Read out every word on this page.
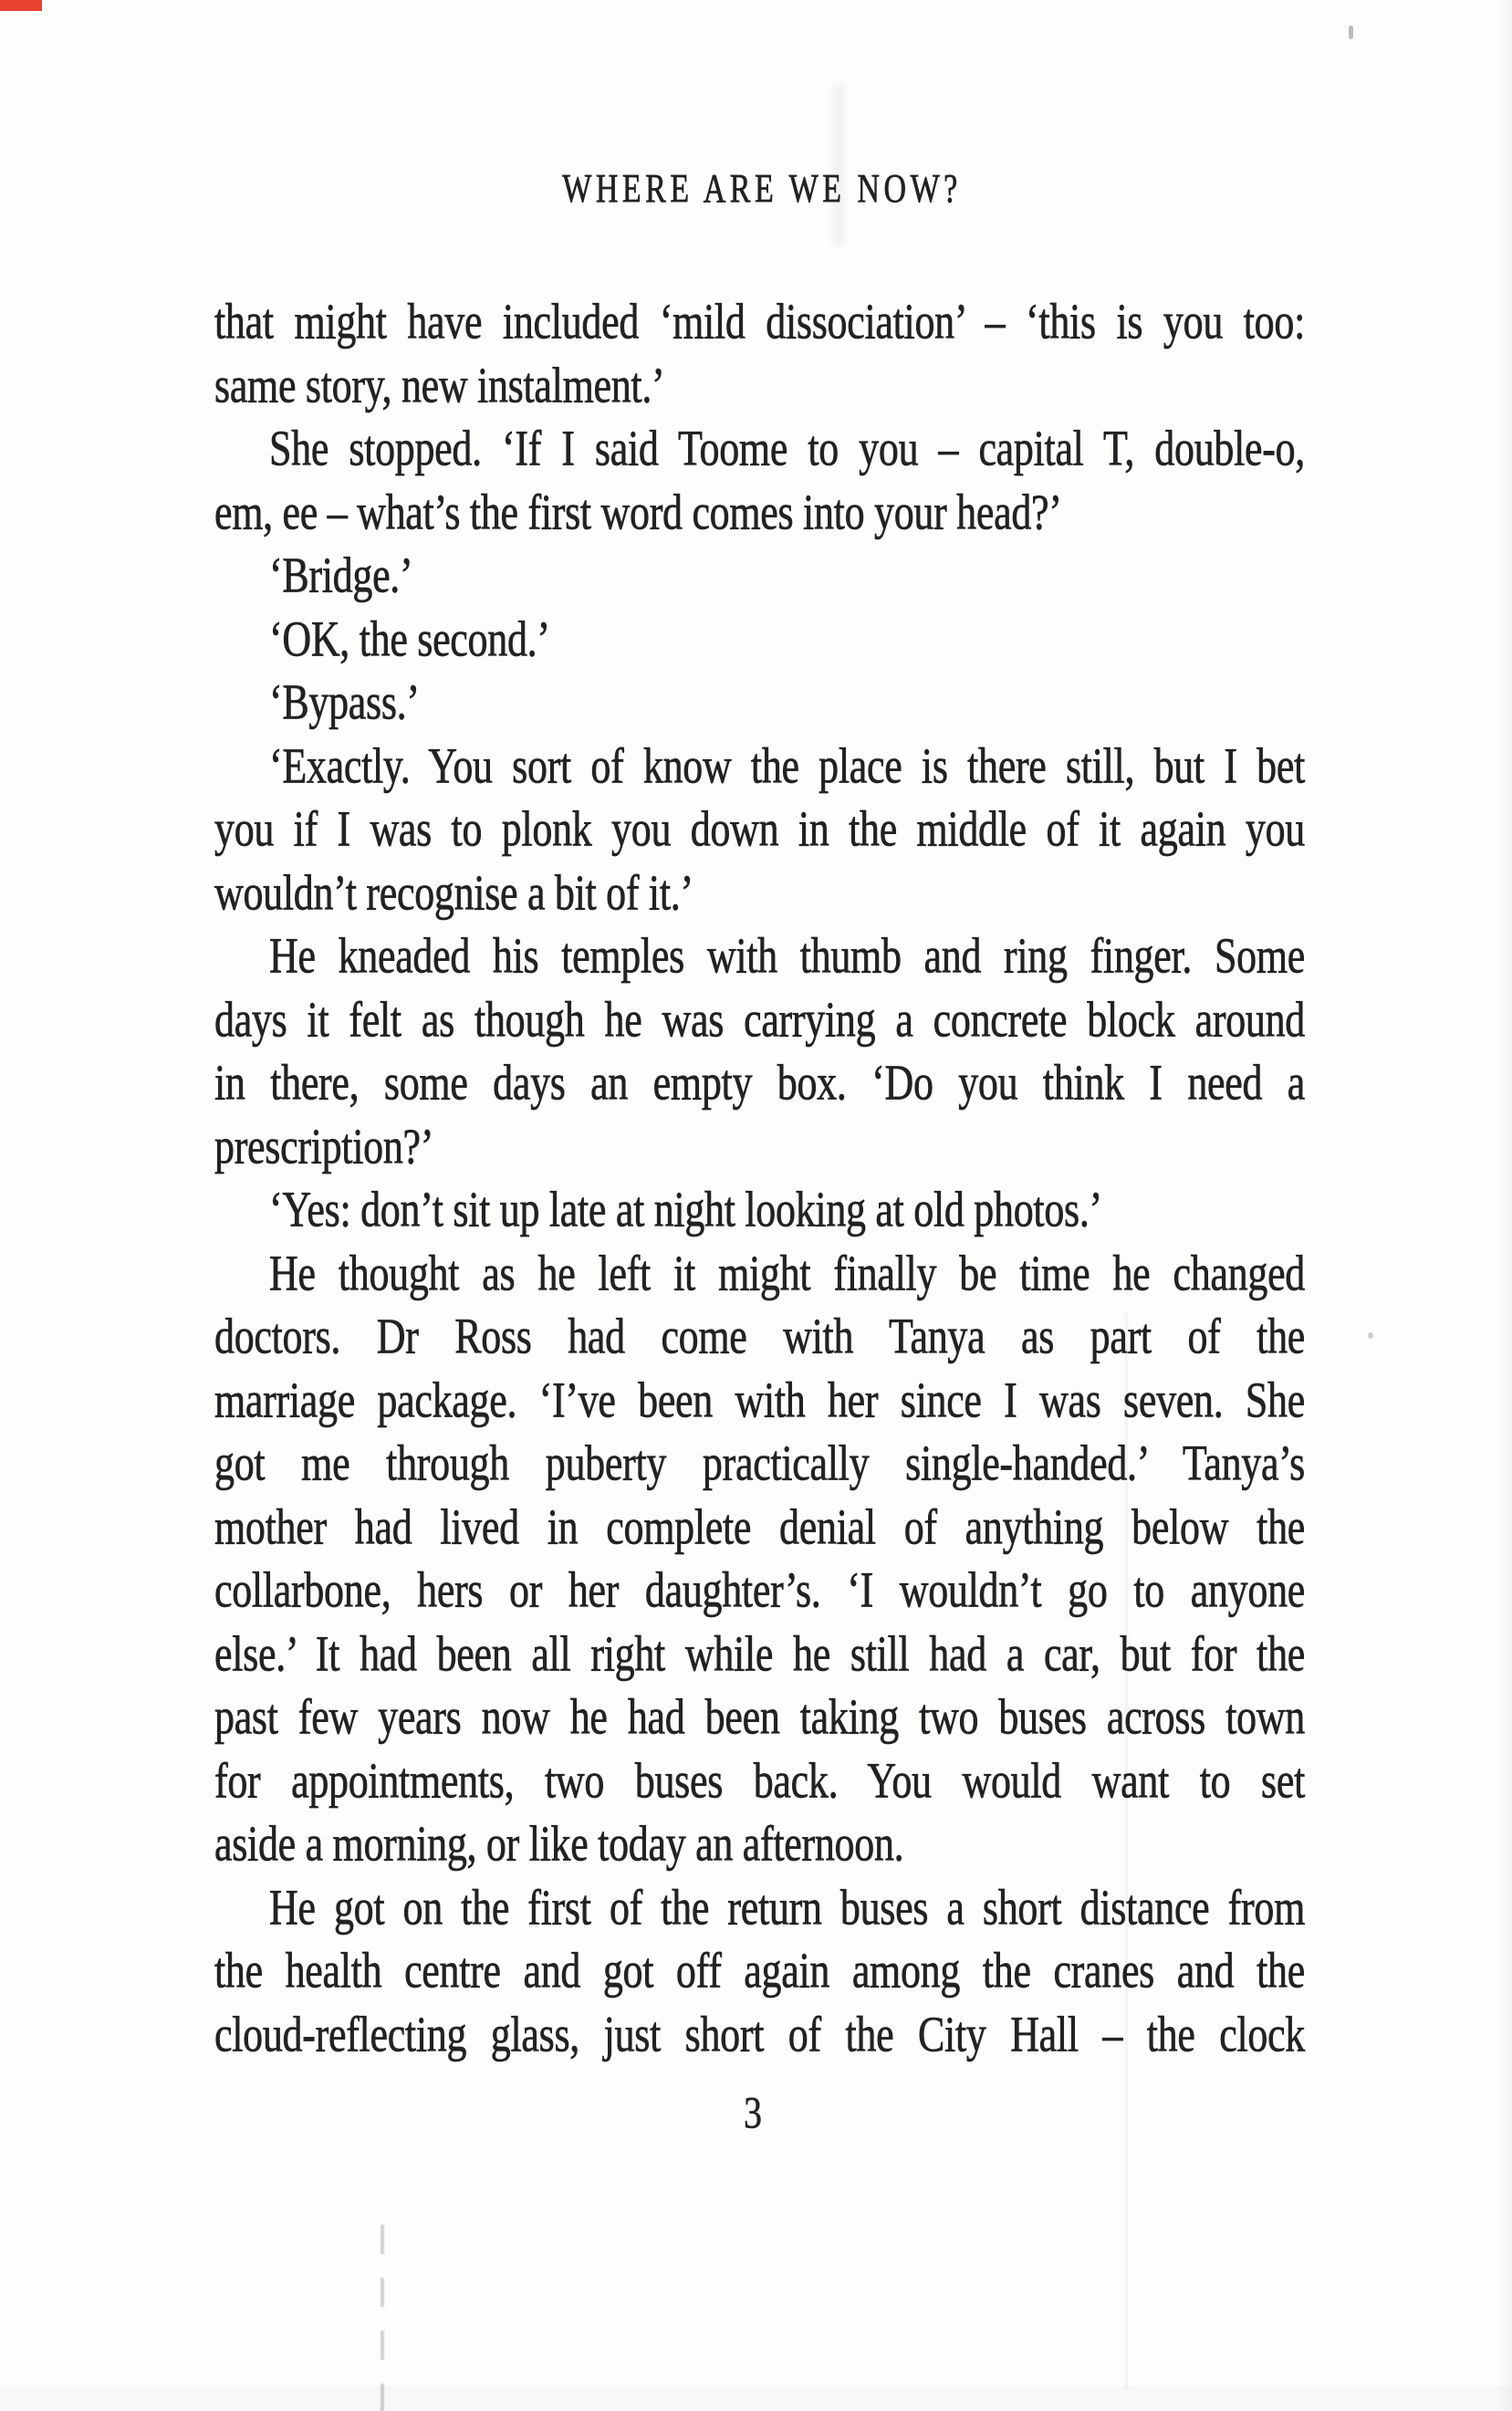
WHERE ARE WE NOW?
that might have included ‘mild dissociation’ – ‘this is you too:
same story, new instalment.’
She stopped. ‘If I said Toome to you – capital T, double-o,
em, ee – what’s the first word comes into your head?’
‘Bridge.’
‘OK, the second.’
‘Bypass.’
‘Exactly. You sort of know the place is there still, but I bet
you if I was to plonk you down in the middle of it again you
wouldn’t recognise a bit of it.’
He kneaded his temples with thumb and ring finger. Some
days it felt as though he was carrying a concrete block around
in there, some days an empty box. ‘Do you think I need a
prescription?’
‘Yes: don’t sit up late at night looking at old photos.’
He thought as he left it might finally be time he changed
doctors. Dr Ross had come with Tanya as part of the
marriage package. ‘I’ve been with her since I was seven. She
got me through puberty practically single-handed.’ Tanya’s
mother had lived in complete denial of anything below the
collarbone, hers or her daughter’s. ‘I wouldn’t go to anyone
else.’ It had been all right while he still had a car, but for the
past few years now he had been taking two buses across town
for appointments, two buses back. You would want to set
aside a morning, or like today an afternoon.
He got on the first of the return buses a short distance from
the health centre and got off again among the cranes and the
cloud-reflecting glass, just short of the City Hall – the clock
3
